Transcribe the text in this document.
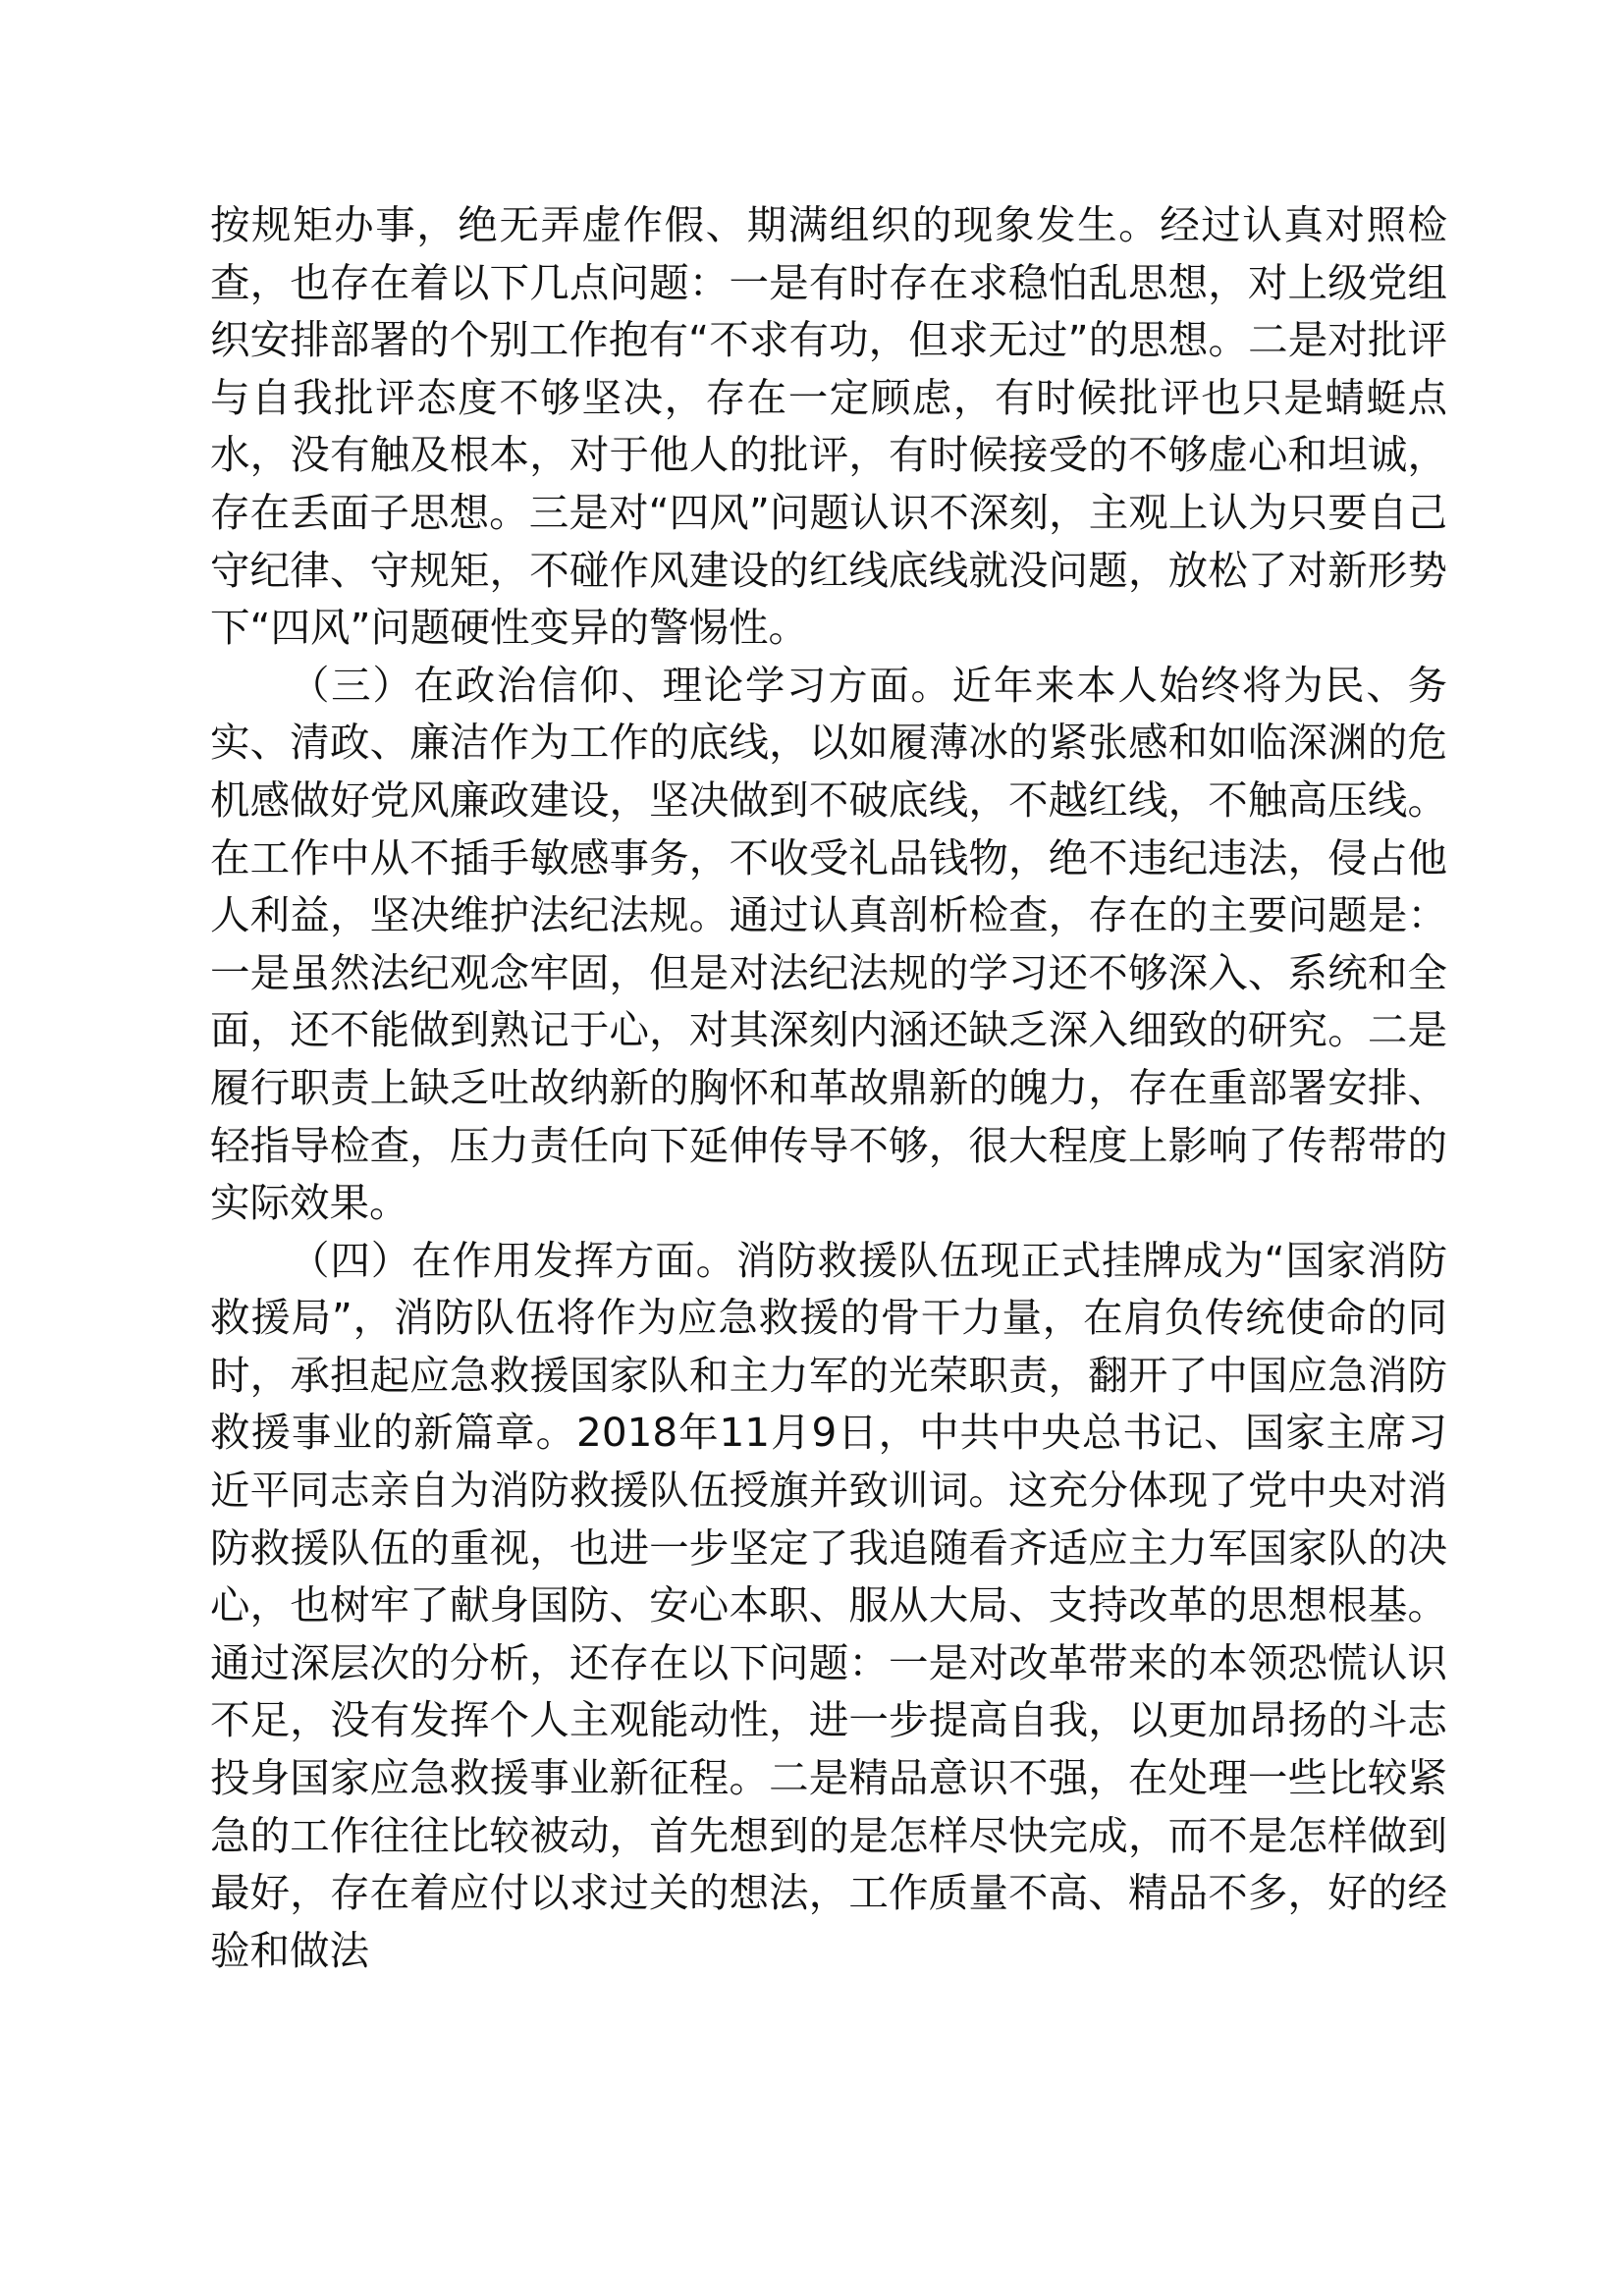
按规矩办事，绝无弄虚作假、期满组织的现象发生。经过认真对照检查，也存在着以下几点问题：一是有时存在求稳怕乱思想，对上级党组织安排部署的个别工作抱有“不求有功，但求无过”的思想。二是对批评与自我批评态度不够坚决，存在一定顾虑，有时候批评也只是蜻蜓点水，没有触及根本，对于他人的批评，有时候接受的不够虚心和坦诚，存在丢面子思想。三是对“四风”问题认识不深刻，主观上认为只要自己守纪律、守规矩，不碰作风建设的红线底线就没问题，放松了对新形势下“四风”问题硬性变异的警惕性。

（三）在政治信仰、理论学习方面。近年来本人始终将为民、务实、清政、廉洁作为工作的底线，以如履薄冰的紧张感和如临深渊的危机感做好党风廉政建设，坚决做到不破底线，不越红线，不触高压线。在工作中从不插手敏感事务，不收受礼品钱物，绝不违纪违法，侵占他人利益，坚决维护法纪法规。通过认真剖析检查，存在的主要问题是：一是虽然法纪观念牢固，但是对法纪法规的学习还不够深入、系统和全面，还不能做到熟记于心，对其深刻内涵还缺乏深入细致的研究。二是履行职责上缺乏吐故纳新的胸怀和革故鼎新的魄力，存在重部署安排、轻指导检查，压力责任向下延伸传导不够，很大程度上影响了传帮带的实际效果。

（四）在作用发挥方面。消防救援队伍现正式挂牌成为“国家消防救援局”，消防队伍将作为应急救援的骨干力量，在肩负传统使命的同时，承担起应急救援国家队和主力军的光荣职责，翻开了中国应急消防救援事业的新篇章。2018年11月9日，中共中央总书记、国家主席习近平同志亲自为消防救援队伍授旗并致训词。这充分体现了党中央对消防救援队伍的重视，也进一步坚定了我追随看齐适应主力军国家队的决心，也树牢了献身国防、安心本职、服从大局、支持改革的思想根基。通过深层次的分析，还存在以下问题：一是对改革带来的本领恐慌认识不足，没有发挥个人主观能动性，进一步提高自我，以更加昂扬的斗志投身国家应急救援事业新征程。二是精品意识不强，在处理一些比较紧急的工作往往比较被动，首先想到的是怎样尽快完成，而不是怎样做到最好，存在着应付以求过关的想法，工作质量不高、精品不多，好的经验和做法
